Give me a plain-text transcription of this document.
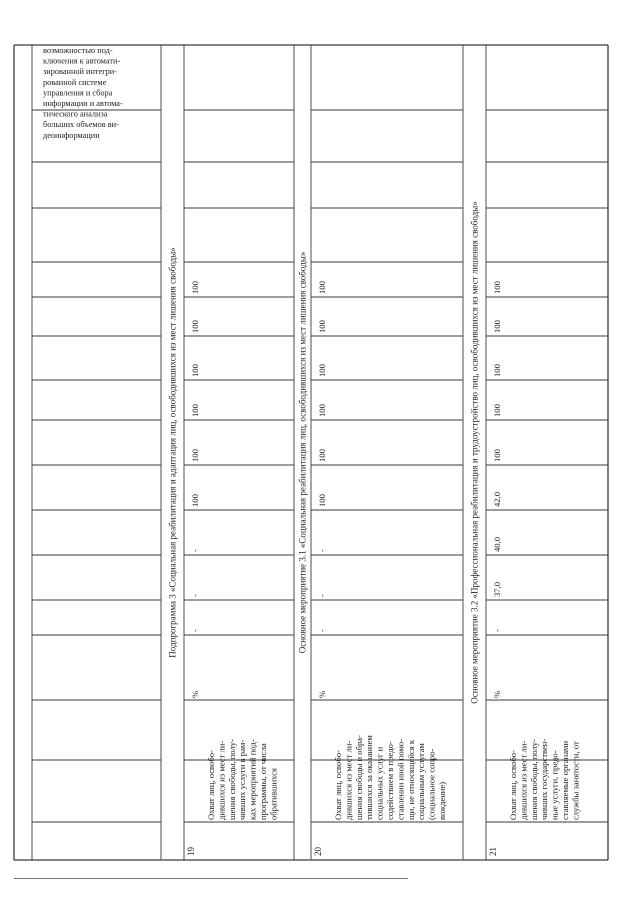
возможностью под-ключения к автомати-зированной интегри-рованной системе управления и сбора информации и автома-тического анализа больших объемов ви-деоинформации
Подпрограмма 3 «Социальная реабилитация и адаптация лиц, освободившихся из мест лишения свободы»	Основное мероприятие 3.1 «Социальная реабилитация лиц, освободившихся из мест лишения свободы»	Основное мероприятие 3.2 «Профессиональная реабилитация и трудоустройство лиц, освободившихся из мест лишения свободы»
19
Охват лиц, освобо- дившихся из мест ли- шения свободы, полу- чивших услуги в рам- ках мероприятий под- программы, от числа обратившихся
%
-
-
-
100
100
100
100
100
100
20
Охват лиц, освобо- дившихся из мест ли- шения свободы и обра- тившихся за оказанием социальных услуг и содействием в предо- ставлении иной помо- щи, не относящейся к социальным услугам (социальное сопро- вождение)
%
-
-
-
100
100
100
100
100
100
21
Охват лиц, освобо- дившихся из мест ли- шения свободы, полу- чивших государствен- ные услуги, предо- ставляемые органами службы занятости, от
%
-
37,0
40,0
42,0
100
100
100
100
100
